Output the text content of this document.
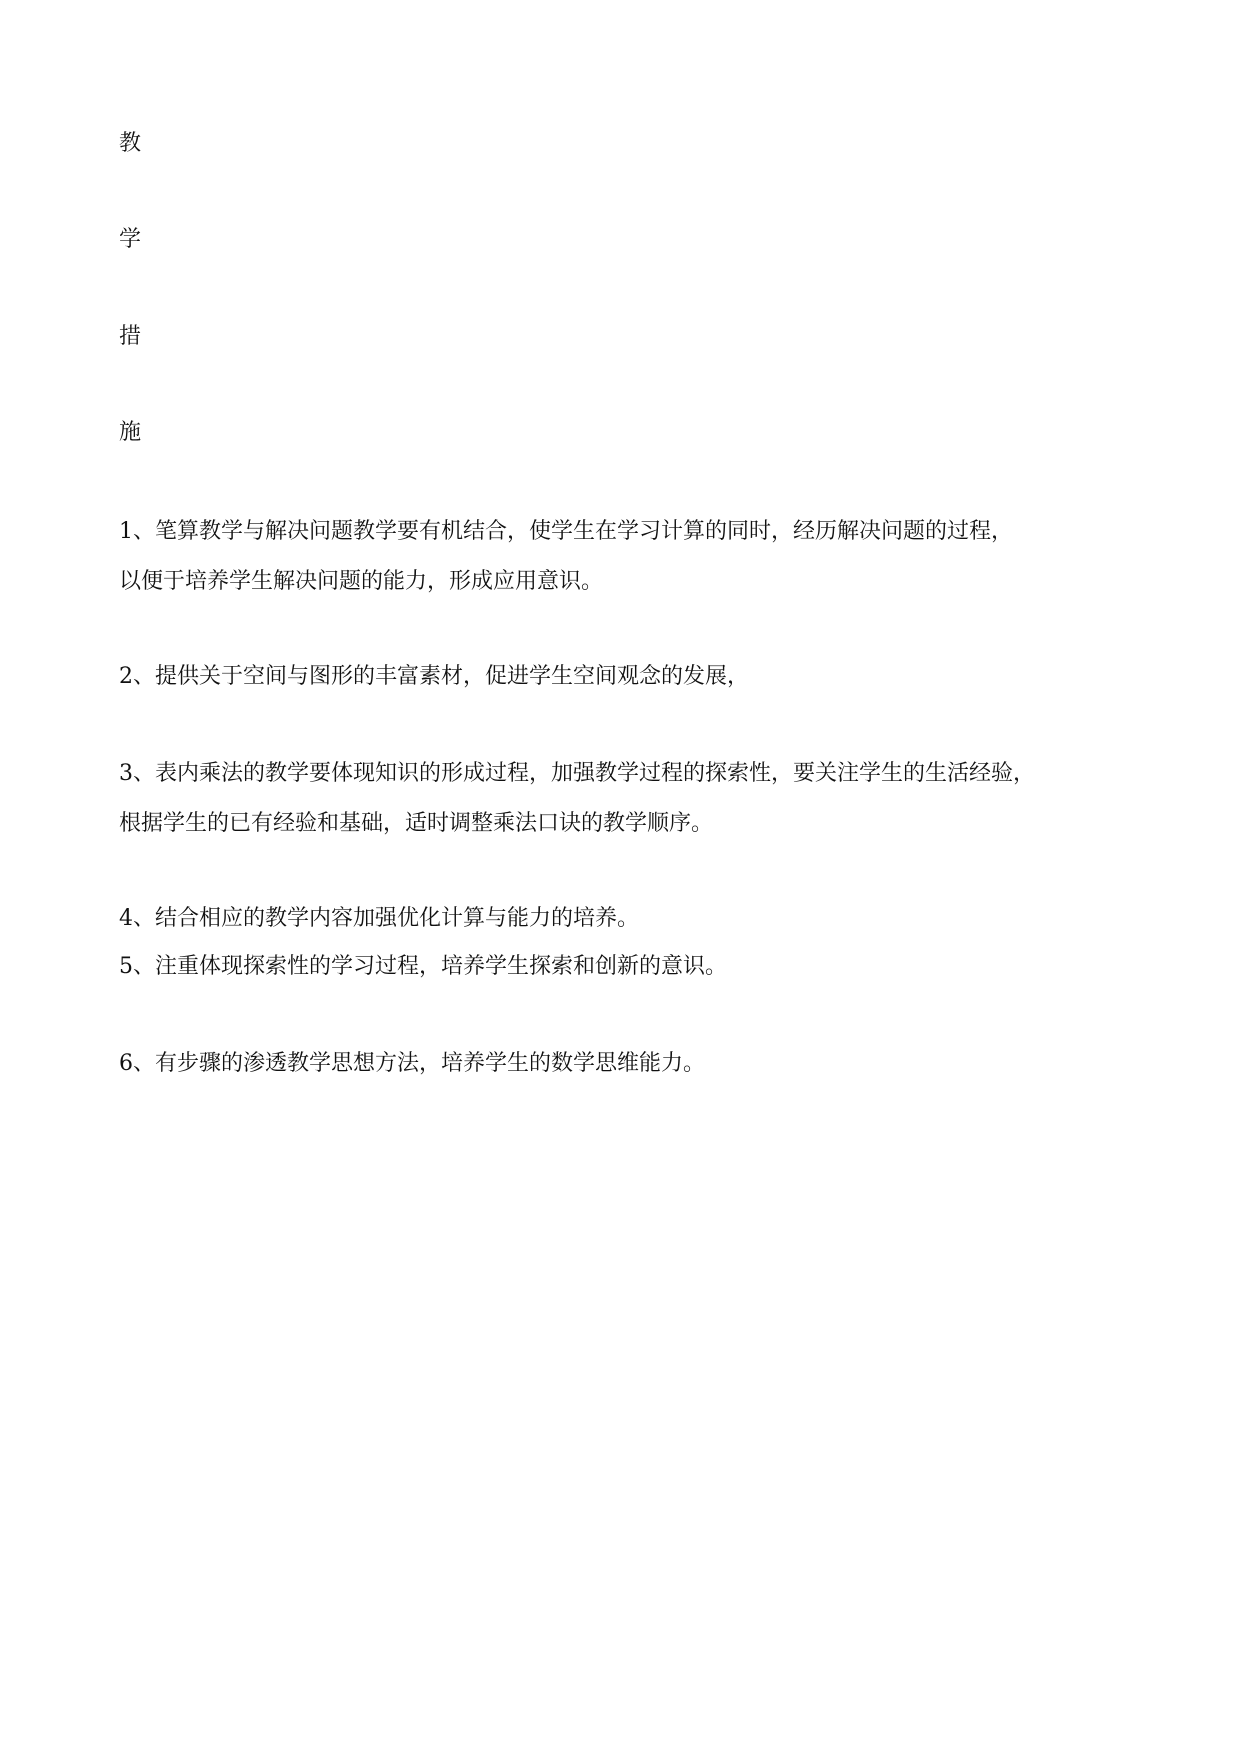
教
学
措
施
1、笔算教学与解决问题教学要有机结合，使学生在学习计算的同时，经历解决问题的过程，
以便于培养学生解决问题的能力，形成应用意识。
2、提供关于空间与图形的丰富素材，促进学生空间观念的发展，
3、表内乘法的教学要体现知识的形成过程，加强教学过程的探索性，要关注学生的生活经验，
根据学生的已有经验和基础，适时调整乘法口诀的教学顺序。
4、结合相应的教学内容加强优化计算与能力的培养。
5、注重体现探索性的学习过程，培养学生探索和创新的意识。
6、有步骤的渗透教学思想方法，培养学生的数学思维能力。
